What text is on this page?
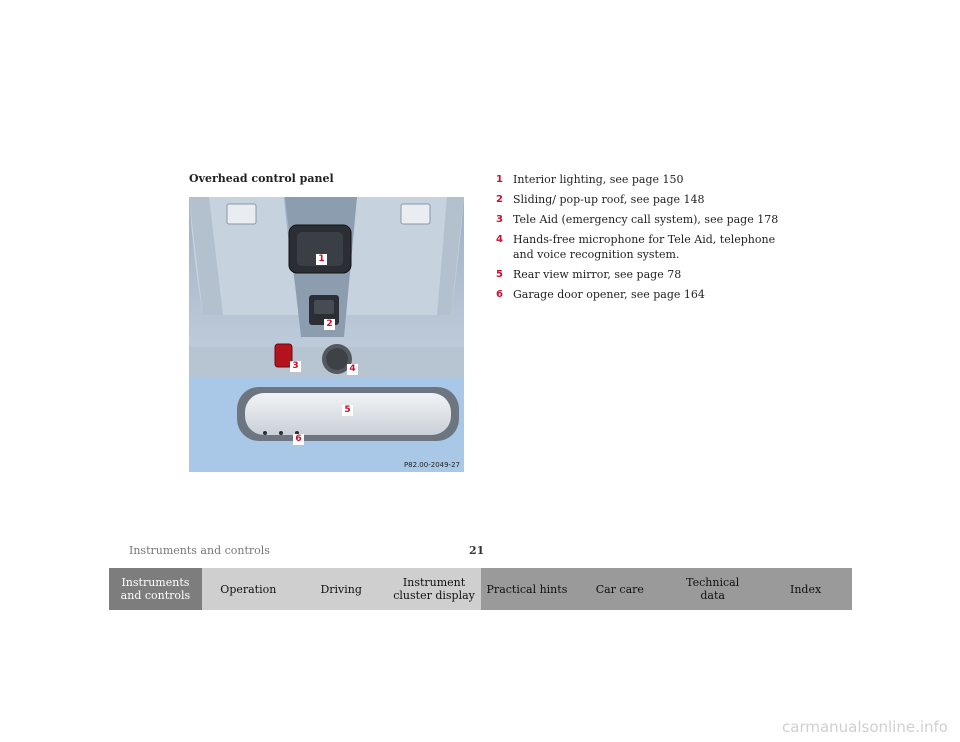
Overhead control panel
1
2
3	4
5
6
P82.00-2049-27
1 Interior lighting, see page 150
2 Sliding/ pop-up roof, see page 148
3 Tele Aid (emergency call system), see page 178
4 Hands-free microphone for Tele Aid, telephone and voice recognition system.
5 Rear view mirror, see page 78
6 Garage door opener, see page 164
Instruments and controls	21
Instruments
and controls	Operation	Driving	Instrument
cluster display	Practical hints	Car care	Technical
data	Index
carmanualsonline.info
